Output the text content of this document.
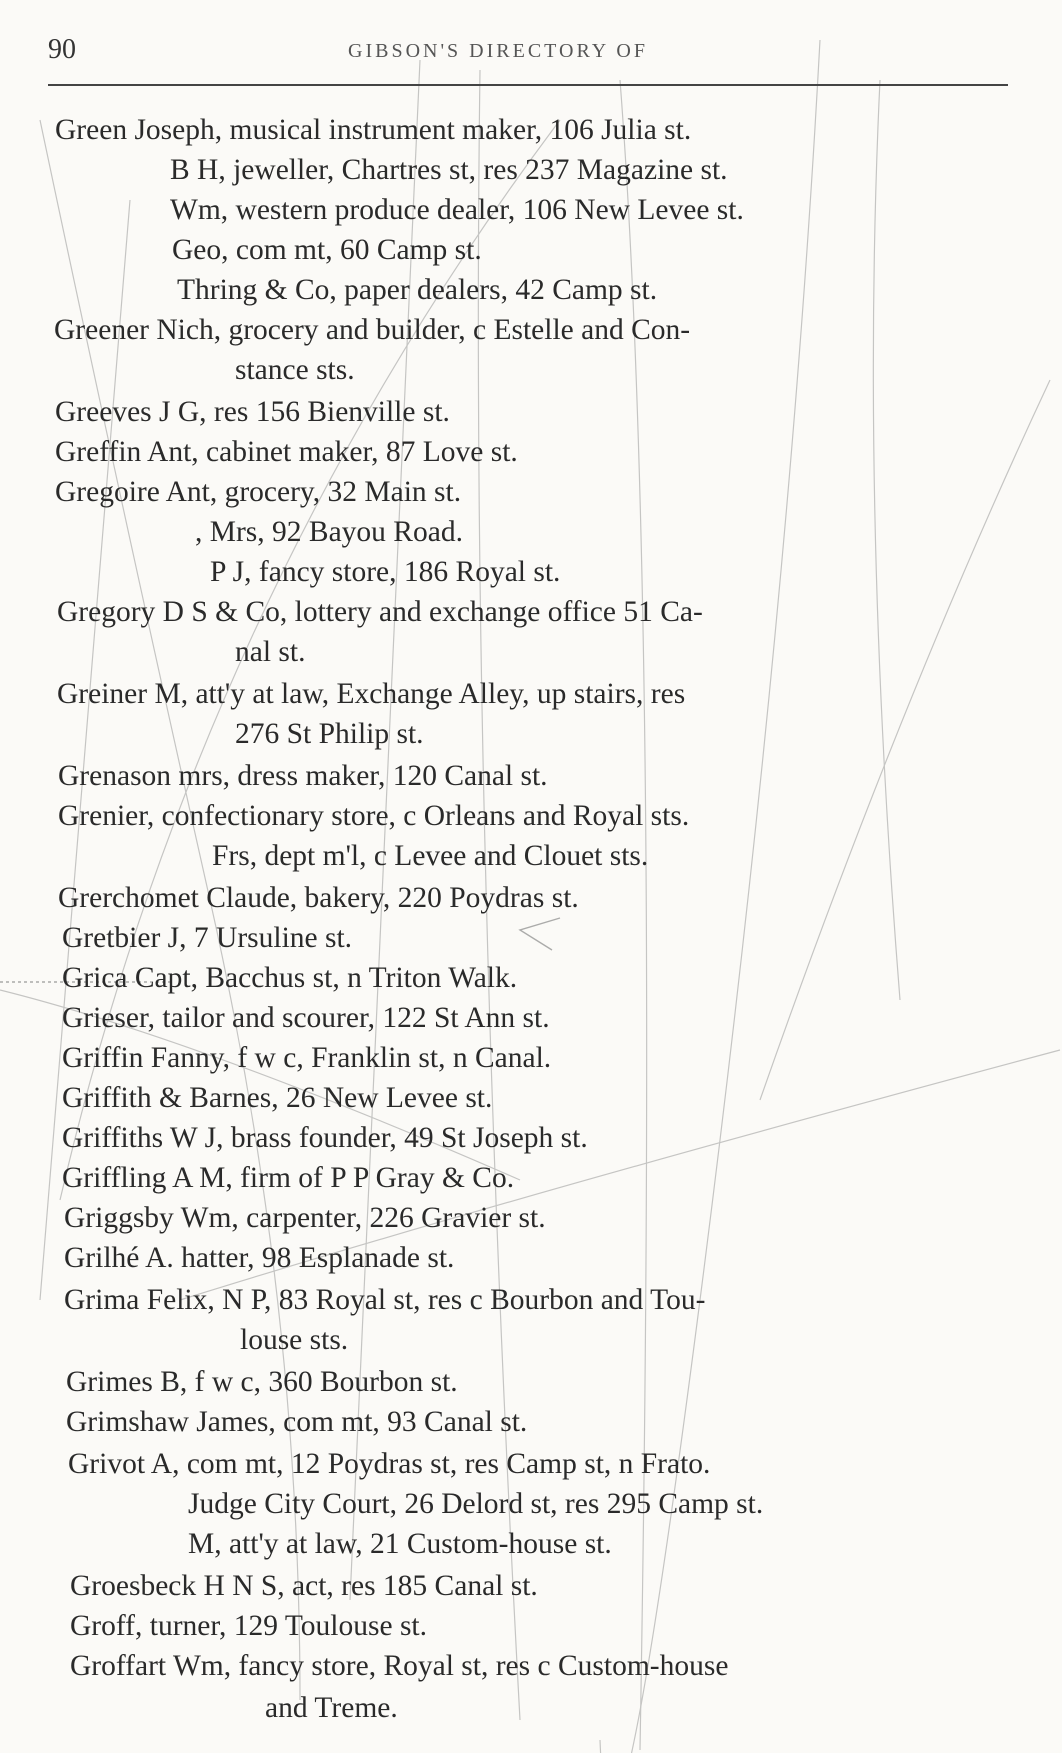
90	GIBSON'S DIRECTORY OF
Green Joseph, musical instrument maker, 106 Julia st.
B H, jeweller, Chartres st, res 237 Magazine st.
Wm, western produce dealer, 106 New Levee st.
Geo, com mt, 60 Camp st.
Thring & Co, paper dealers, 42 Camp st.
Greener Nich, grocery and builder, c Estelle and Con-
stance sts.
Greeves J G, res 156 Bienville st.
Greffin Ant, cabinet maker, 87 Love st.
Gregoire Ant, grocery, 32 Main st.
, Mrs, 92 Bayou Road.
P J, fancy store, 186 Royal st.
Gregory D S & Co, lottery and exchange office 51 Ca-
nal st.
Greiner M, att'y at law, Exchange Alley, up stairs, res
276 St Philip st.
Grenason mrs, dress maker, 120 Canal st.
Grenier, confectionary store, c Orleans and Royal sts.
Frs, dept m'l, c Levee and Clouet sts.
Grerchomet Claude, bakery, 220 Poydras st.
Gretbier J, 7 Ursuline st.
Grica Capt, Bacchus st, n Triton Walk.
Grieser, tailor and scourer, 122 St Ann st.
Griffin Fanny, f w c, Franklin st, n Canal.
Griffith & Barnes, 26 New Levee st.
Griffiths W J, brass founder, 49 St Joseph st.
Griffling A M, firm of P P Gray & Co.
Griggsby Wm, carpenter, 226 Gravier st.
Grilhé A. hatter, 98 Esplanade st.
Grima Felix, N P, 83 Royal st, res c Bourbon and Tou-
louse sts.
Grimes B, f w c, 360 Bourbon st.
Grimshaw James, com mt, 93 Canal st.
Grivot A, com mt, 12 Poydras st, res Camp st, n Frato.
Judge City Court, 26 Delord st, res 295 Camp st.
M, att'y at law, 21 Custom-house st.
Groesbeck H N S, act, res 185 Canal st.
Groff, turner, 129 Toulouse st.
Groffart Wm, fancy store, Royal st, res c Custom-house
and Treme.
